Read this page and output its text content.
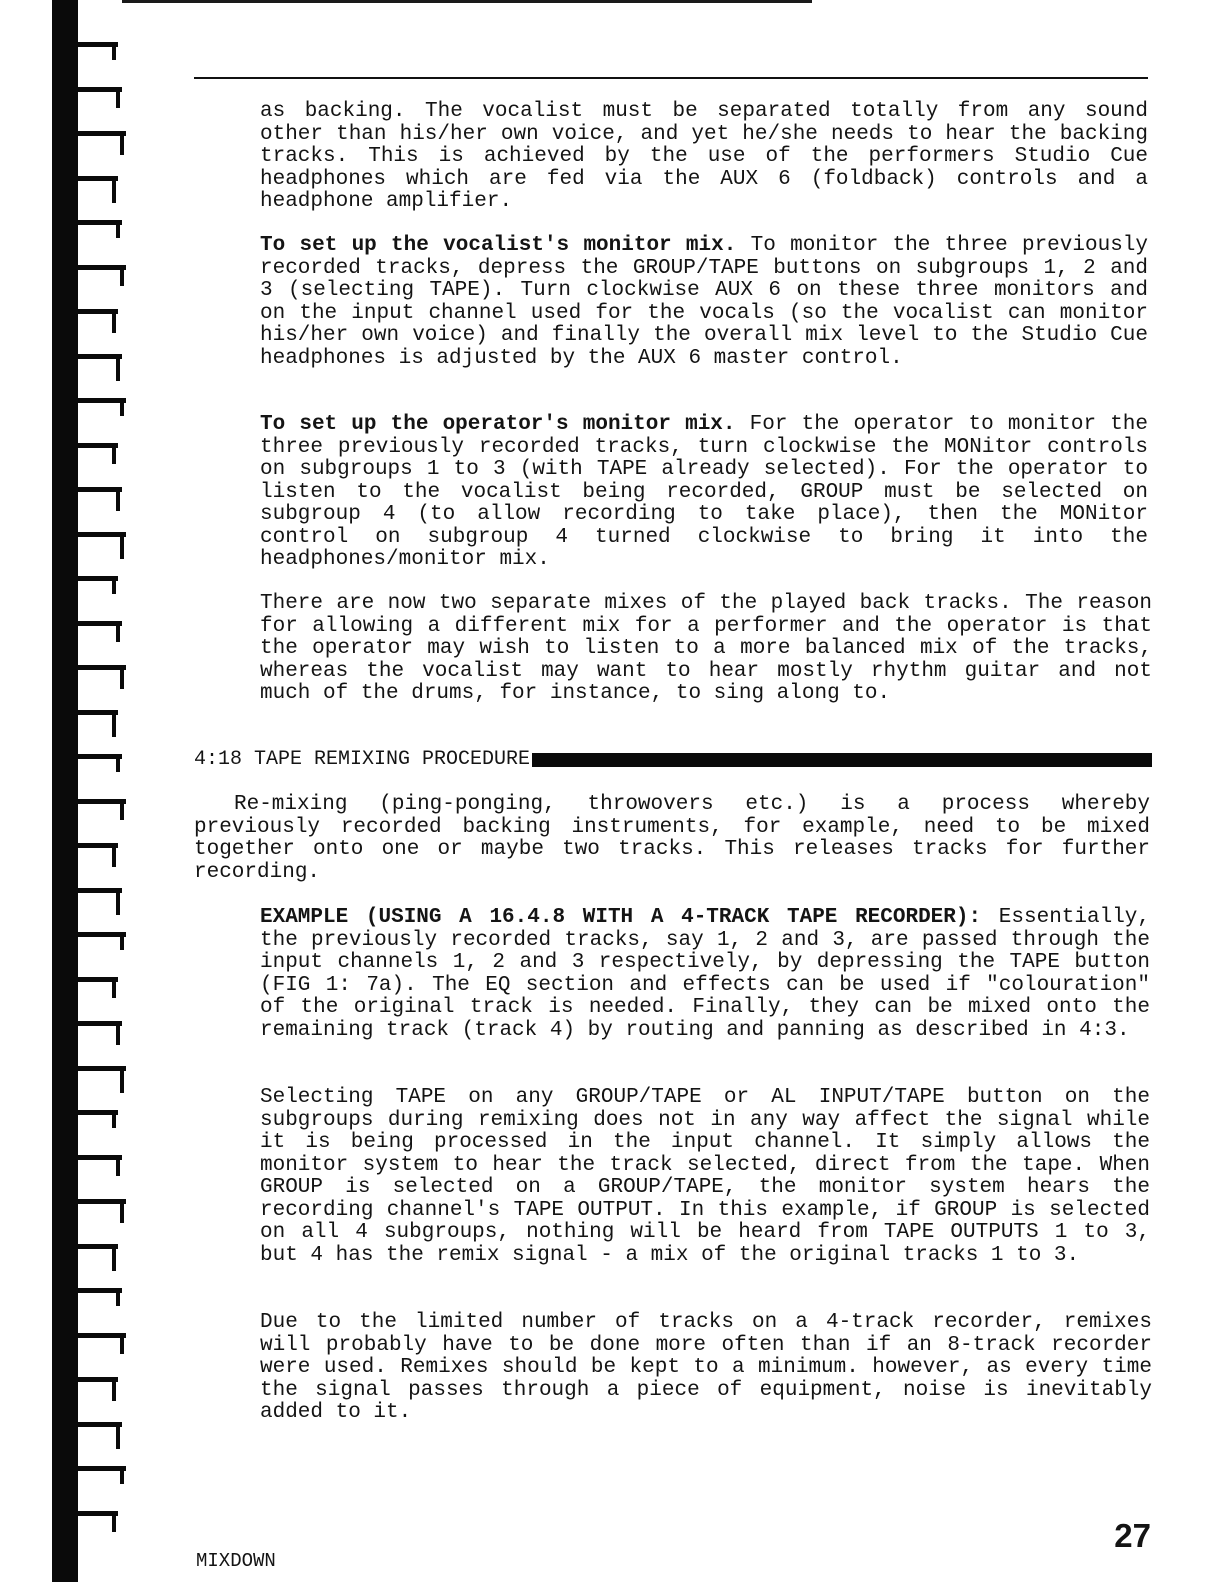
as backing. The vocalist must be separated totally from any sound other than his/her own voice, and yet he/she needs to hear the backing tracks. This is achieved by the use of the performers Studio Cue headphones which are fed via the AUX 6 (foldback) controls and a headphone amplifier.

To set up the vocalist's monitor mix. To monitor the three previously recorded tracks, depress the GROUP/TAPE buttons on subgroups 1, 2 and 3 (selecting TAPE). Turn clockwise AUX 6 on these three monitors and on the input channel used for the vocals (so the vocalist can monitor his/her own voice) and finally the overall mix level to the Studio Cue headphones is adjusted by the AUX 6 master control.

To set up the operator's monitor mix. For the operator to monitor the three previously recorded tracks, turn clockwise the MONitor controls on subgroups 1 to 3 (with TAPE already selected). For the operator to listen to the vocalist being recorded, GROUP must be selected on subgroup 4 (to allow recording to take place), then the MONitor control on subgroup 4 turned clockwise to bring it into the headphones/monitor mix.

There are now two separate mixes of the played back tracks. The reason for allowing a different mix for a performer and the operator is that the operator may wish to listen to a more balanced mix of the tracks, whereas the vocalist may want to hear mostly rhythm guitar and not much of the drums, for instance, to sing along to.

4:18 TAPE REMIXING PROCEDURE

Re-mixing (ping-ponging, throwovers etc.) is a process whereby previously recorded backing instruments, for example, need to be mixed together onto one or maybe two tracks. This releases tracks for further recording.

EXAMPLE (USING A 16.4.8 WITH A 4-TRACK TAPE RECORDER): Essentially, the previously recorded tracks, say 1, 2 and 3, are passed through the input channels 1, 2 and 3 respectively, by depressing the TAPE button (FIG 1: 7a). The EQ section and effects can be used if "colouration" of the original track is needed. Finally, they can be mixed onto the remaining track (track 4) by routing and panning as described in 4:3.

Selecting TAPE on any GROUP/TAPE or AL INPUT/TAPE button on the subgroups during remixing does not in any way affect the signal while it is being processed in the input channel. It simply allows the monitor system to hear the track selected, direct from the tape. When GROUP is selected on a GROUP/TAPE, the monitor system hears the recording channel's TAPE OUTPUT. In this example, if GROUP is selected on all 4 subgroups, nothing will be heard from TAPE OUTPUTS 1 to 3, but 4 has the remix signal - a mix of the original tracks 1 to 3.

Due to the limited number of tracks on a 4-track recorder, remixes will probably have to be done more often than if an 8-track recorder were used. Remixes should be kept to a minimum. however, as every time the signal passes through a piece of equipment, noise is inevitably added to it.

MIXDOWN
27
